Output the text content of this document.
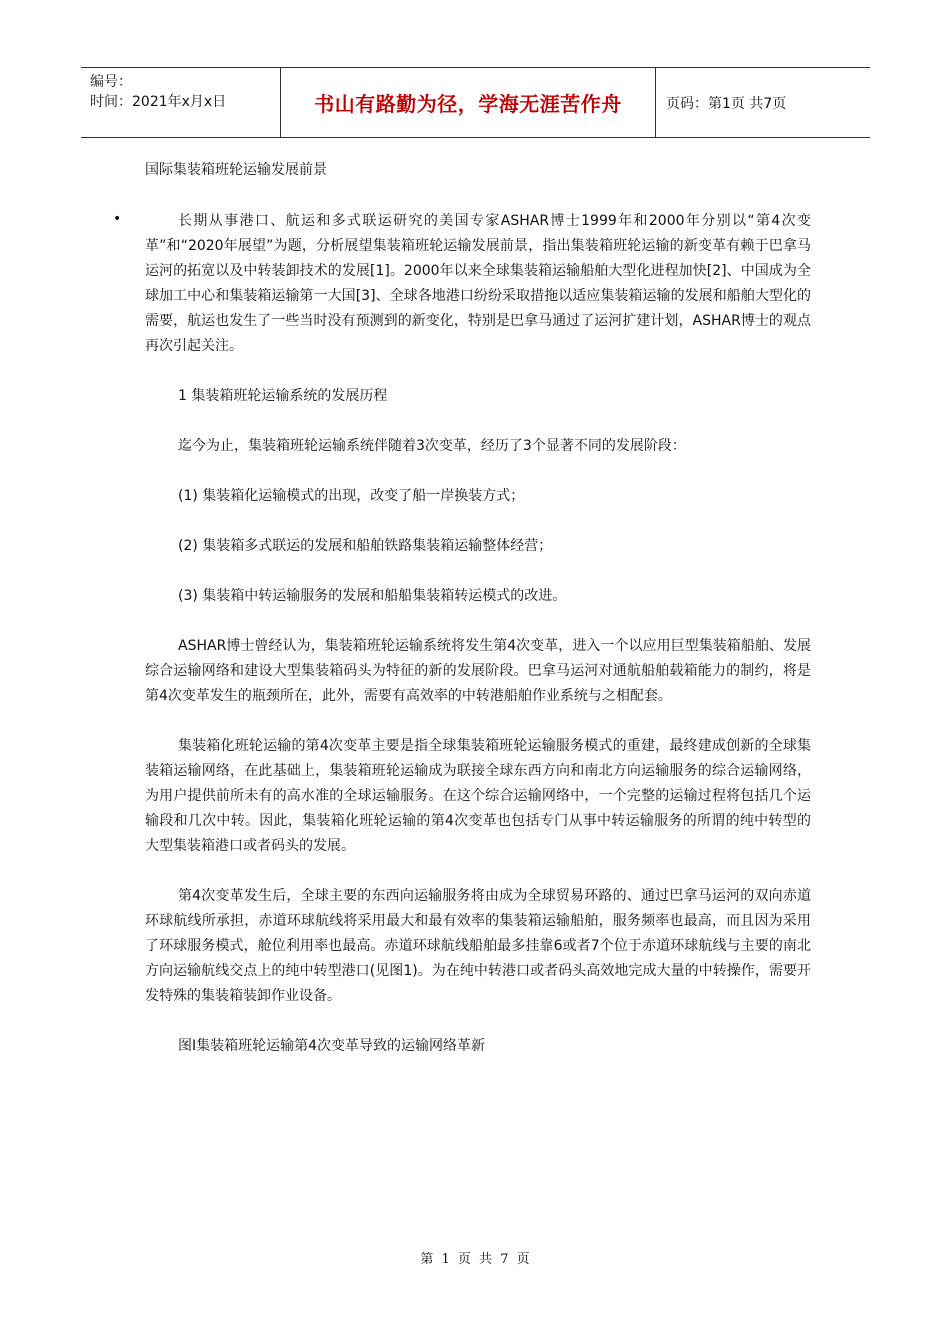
编号：
时间：2021年x月x日	书山有路勤为径，学海无涯苦作舟	页码：第1页 共7页
国际集装箱班轮运输发展前景
•	长期从事港口、航运和多式联运研究的美国专家ASHAR博士1999年和2000年分别以“第4次变革”和“2020年展望”为题，分析展望集装箱班轮运输发展前景，指出集装箱班轮运输的新变革有赖于巴拿马运河的拓宽以及中转装卸技术的发展[1]。2000年以来全球集装箱运输船舶大型化进程加快[2]、中国成为全球加工中心和集装箱运输第一大国[3]、全球各地港口纷纷采取措拖以适应集装箱运输的发展和船舶大型化的需要，航运也发生了一些当时没有预测到的新变化，特别是巴拿马通过了运河扩建计划，ASHAR博士的观点再次引起关注。

1 集装箱班轮运输系统的发展历程

迄今为止，集装箱班轮运输系统伴随着3次变革，经历了3个显著不同的发展阶段：

(1) 集装箱化运输模式的出现，改变了船一岸换装方式；

(2) 集装箱多式联运的发展和船舶铁路集装箱运输整体经营；

(3) 集装箱中转运输服务的发展和船船集装箱转运模式的改进。

ASHAR博士曾经认为，集装箱班轮运输系统将发生第4次变革，进入一个以应用巨型集装箱船舶、发展综合运输网络和建设大型集装箱码头为特征的新的发展阶段。巴拿马运河对通航船舶载箱能力的制约，将是第4次变革发生的瓶颈所在，此外，需要有高效率的中转港船舶作业系统与之相配套。

集装箱化班轮运输的第4次变革主要是指全球集装箱班轮运输服务模式的重建，最终建成创新的全球集装箱运输网络，在此基础上，集装箱班轮运输成为联接全球东西方向和南北方向运输服务的综合运输网络，为用户提供前所未有的高水准的全球运输服务。在这个综合运输网络中，一个完整的运输过程将包括几个运输段和几次中转。因此，集装箱化班轮运输的第4次变革也包括专门从事中转运输服务的所谓的纯中转型的大型集装箱港口或者码头的发展。

第4次变革发生后，全球主要的东西向运输服务将由成为全球贸易环路的、通过巴拿马运河的双向赤道环球航线所承担，赤道环球航线将采用最大和最有效率的集装箱运输船舶，服务频率也最高，而且因为采用了环球服务模式，舱位利用率也最高。赤道环球航线船舶最多挂靠6或者7个位于赤道环球航线与主要的南北方向运输航线交点上的纯中转型港口(见图1)。为在纯中转港口或者码头高效地完成大量的中转操作，需要开发特殊的集装箱装卸作业设备。

图Ⅰ集装箱班轮运输第4次变革导致的运输网络革新

第 1 页 共 7 页
